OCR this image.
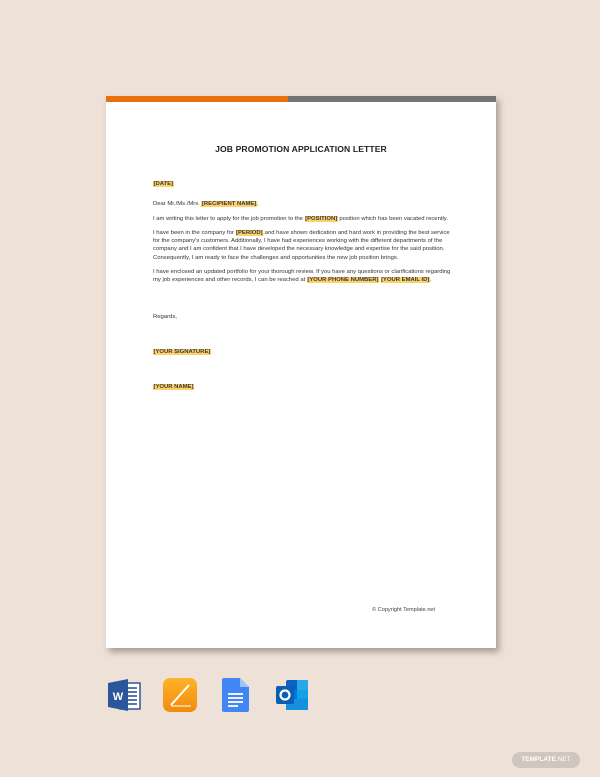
JOB PROMOTION APPLICATION LETTER

[DATE]

Dear Mr./Ms./Mrs. [RECIPIENT NAME],

I am writing this letter to apply for the job promotion to the [POSITION] position which has been vacated recently.

I have been in the company for [PERIOD] and have shown dedication and hard work in providing the best service for the company's customers. Additionally, I have had experiences working with the different departments of the company and I am confident that I have developed the necessary knowledge and expertise for the said position. Consequently, I am ready to face the challenges and opportunities the new job position brings.

I have enclosed an updated portfolio for your thorough review. If you have any questions or clarifications regarding my job experiences and other records, I can be reached at [YOUR PHONE NUMBER] [YOUR EMAIL ID].

Regards,

[YOUR SIGNATURE]

[YOUR NAME]

© Copyright Template.net
W
TEMPLATE.NET
